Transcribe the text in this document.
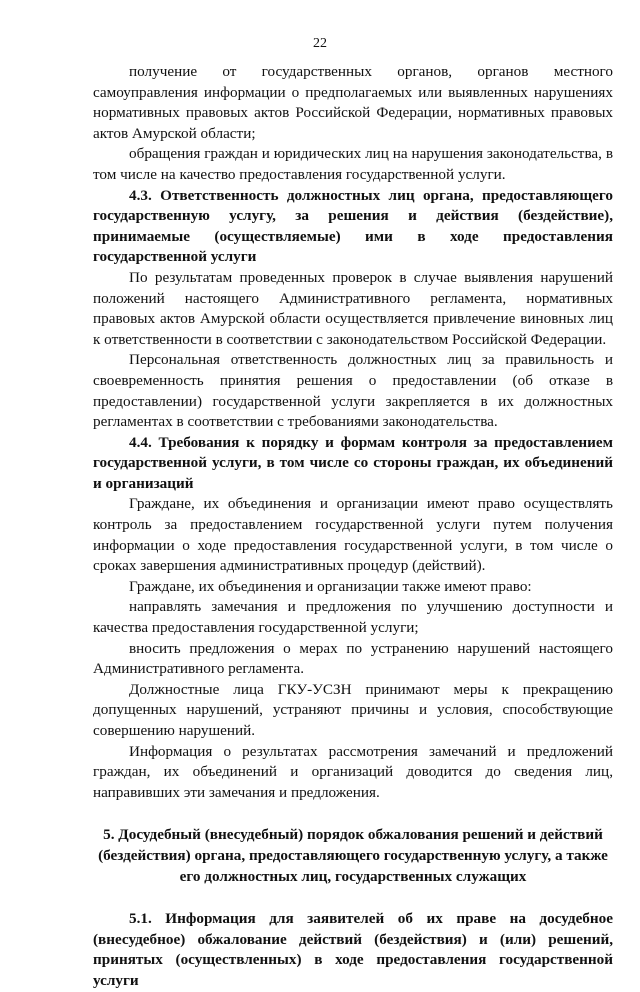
22

получение от государственных органов, органов местного самоуправления информации о предполагаемых или выявленных нарушениях нормативных правовых актов Российской Федерации, нормативных правовых актов Амурской области;

обращения граждан и юридических лиц на нарушения законодательства, в том числе на качество предоставления государственной услуги.

4.3. Ответственность должностных лиц органа, предоставляющего государственную услугу, за решения и действия (бездействие), принимаемые (осуществляемые) ими в ходе предоставления государственной услуги

По результатам проведенных проверок в случае выявления нарушений положений настоящего Административного регламента, нормативных правовых актов Амурской области осуществляется привлечение виновных лиц к ответственности в соответствии с законодательством Российской Федерации.

Персональная ответственность должностных лиц за правильность и своевременность принятия решения о предоставлении (об отказе в предоставлении) государственной услуги закрепляется в их должностных регламентах в соответствии с требованиями законодательства.

4.4. Требования к порядку и формам контроля за предоставлением государственной услуги, в том числе со стороны граждан, их объединений и организаций

Граждане, их объединения и организации имеют право осуществлять контроль за предоставлением государственной услуги путем получения информации о ходе предоставления государственной услуги, в том числе о сроках завершения административных процедур (действий).

Граждане, их объединения и организации также имеют право:

направлять замечания и предложения по улучшению доступности и качества предоставления государственной услуги;

вносить предложения о мерах по устранению нарушений настоящего Административного регламента.

Должностные лица ГКУ-УСЗН принимают меры к прекращению допущенных нарушений, устраняют причины и условия, способствующие совершению нарушений.

Информация о результатах рассмотрения замечаний и предложений граждан, их объединений и организаций доводится до сведения лиц, направивших эти замечания и предложения.

5. Досудебный (внесудебный) порядок обжалования решений и действий (бездействия) органа, предоставляющего государственную услугу, а также его должностных лиц, государственных служащих

5.1. Информация для заявителей об их праве на досудебное (внесудебное) обжалование действий (бездействия) и (или) решений, принятых (осуществленных) в ходе предоставления государственной услуги
